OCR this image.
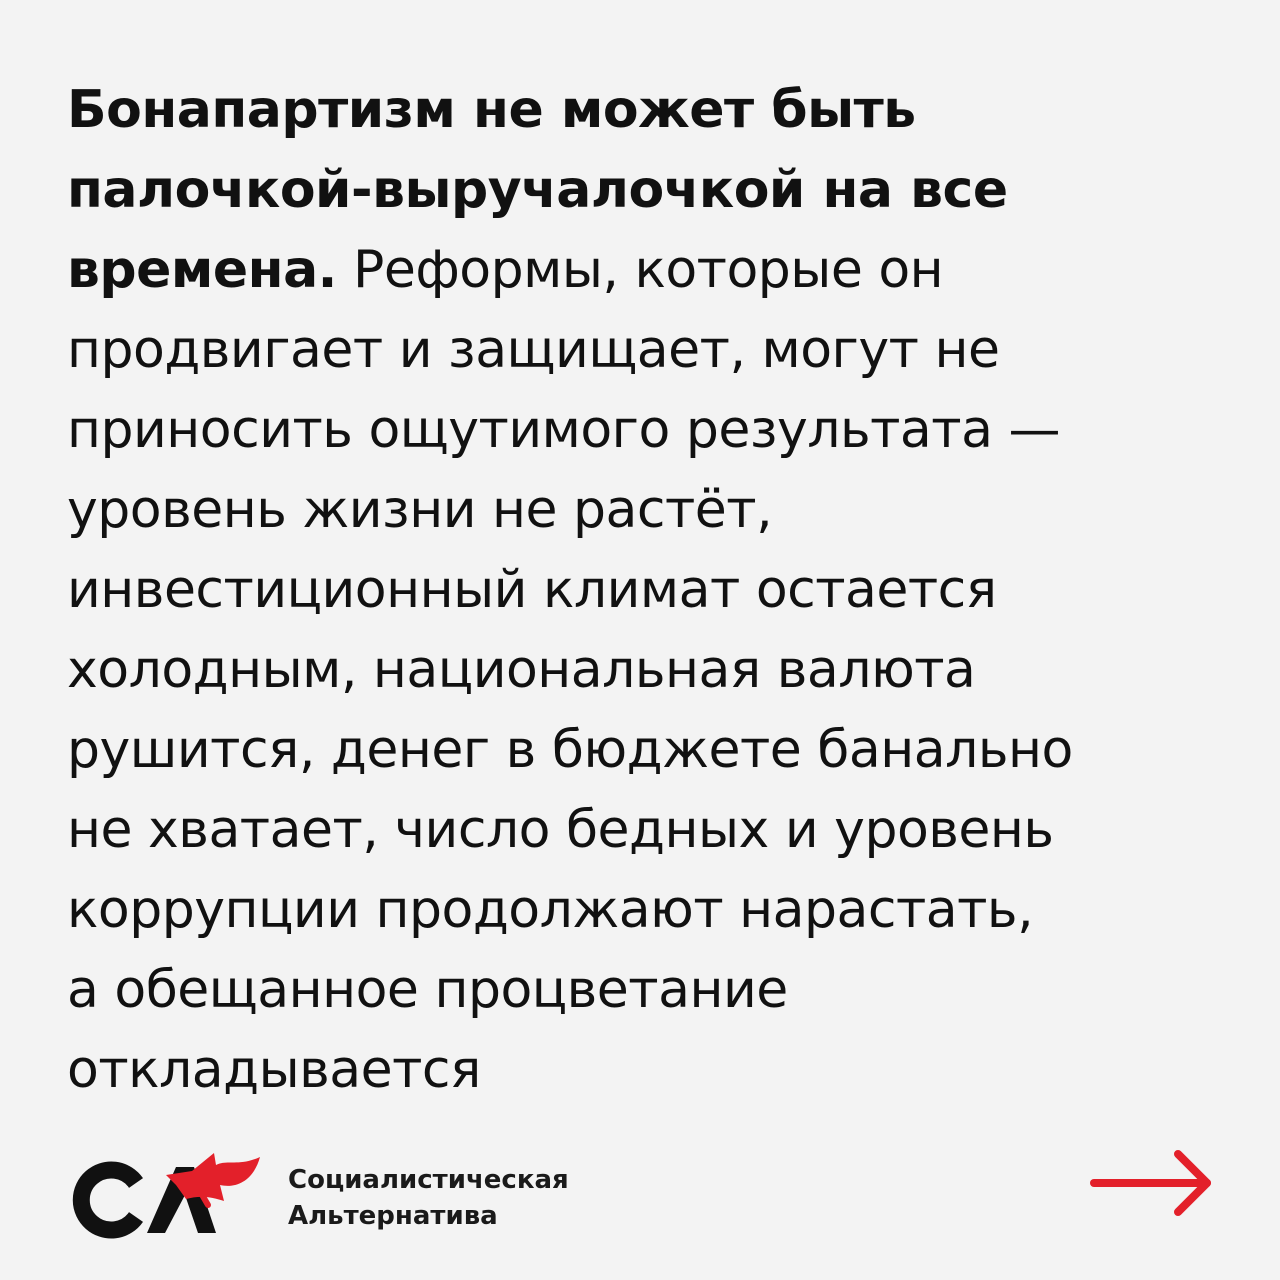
Бонапартизм не может быть
палочкой-выручалочкой на все
времена. Реформы, которые он
продвигает и защищает, могут не
приносить ощутимого результата —
уровень жизни не растёт,
инвестиционный климат остается
холодным, национальная валюта
рушится, денег в бюджете банально
не хватает, число бедных и уровень
коррупции продолжают нарастать,
а обещанное процветание
откладывается
Социалистическая
Альтернатива
